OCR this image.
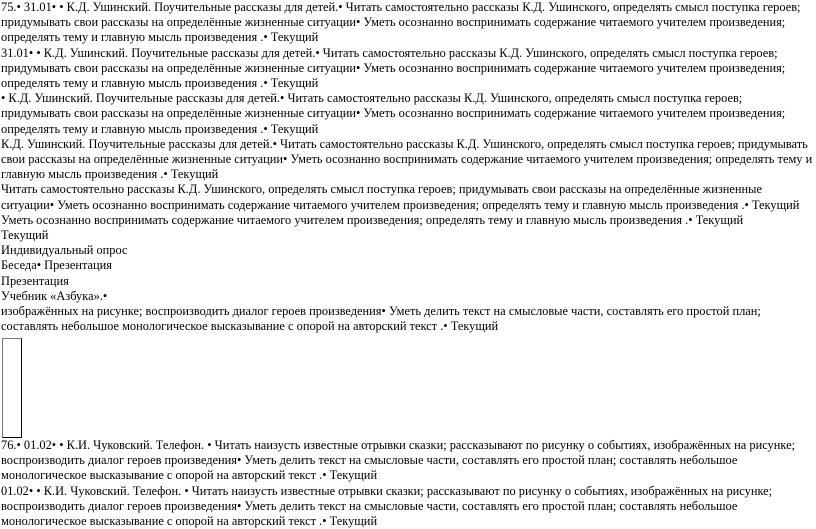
75.• 31.01• • К.Д. Ушинский. Поучительные рассказы для детей.• Читать самостоятельно рассказы К.Д. Ушинского, определять смысл поступка героев; придумывать свои рассказы на определённые жизненные ситуации• Уметь осознанно воспринимать содержание читаемого учителем произведения; определять тему и главную мысль произведения .• Текущий

31.01• • К.Д. Ушинский. Поучительные рассказы для детей.• Читать самостоятельно рассказы К.Д. Ушинского, определять смысл поступка героев; придумывать свои рассказы на определённые жизненные ситуации• Уметь осознанно воспринимать содержание читаемого учителем произведения; определять тему и главную мысль произведения .• Текущий

• К.Д. Ушинский. Поучительные рассказы для детей.• Читать самостоятельно рассказы К.Д. Ушинского, определять смысл поступка героев; придумывать свои рассказы на определённые жизненные ситуации• Уметь осознанно воспринимать содержание читаемого учителем произведения; определять тему и главную мысль произведения .• Текущий

К.Д. Ушинский. Поучительные рассказы для детей.• Читать самостоятельно рассказы К.Д. Ушинского, определять смысл поступка героев; придумывать свои рассказы на определённые жизненные ситуации• Уметь осознанно воспринимать содержание читаемого учителем произведения; определять тему и главную мысль произведения .• Текущий

Читать самостоятельно рассказы К.Д. Ушинского, определять смысл поступка героев; придумывать свои рассказы на определённые жизненные ситуации• Уметь осознанно воспринимать содержание читаемого учителем произведения; определять тему и главную мысль произведения .• Текущий

Уметь осознанно воспринимать содержание читаемого учителем произведения; определять тему и главную мысль произведения .• Текущий

Текущий

Индивидуальный опрос

Беседа• Презентация

Презентация

Учебник «Азбука».•

изображённых на рисунке; воспроизводить диалог героев произведения• Уметь делить текст на смысловые части, составлять его простой план; составлять небольшое монологическое высказывание с опорой на авторский текст .• Текущий

76.• 01.02• • К.И. Чуковский. Телефон. • Читать наизусть известные отрывки сказки; рассказывают по рисунку о событиях, изображённых на рисунке; воспроизводить диалог героев произведения• Уметь делить текст на смысловые части, составлять его простой план; составлять небольшое монологическое высказывание с опорой на авторский текст .• Текущий

01.02• • К.И. Чуковский. Телефон. • Читать наизусть известные отрывки сказки; рассказывают по рисунку о событиях, изображённых на рисунке; воспроизводить диалог героев произведения• Уметь делить текст на смысловые части, составлять его простой план; составлять небольшое монологическое высказывание с опорой на авторский текст .• Текущий
